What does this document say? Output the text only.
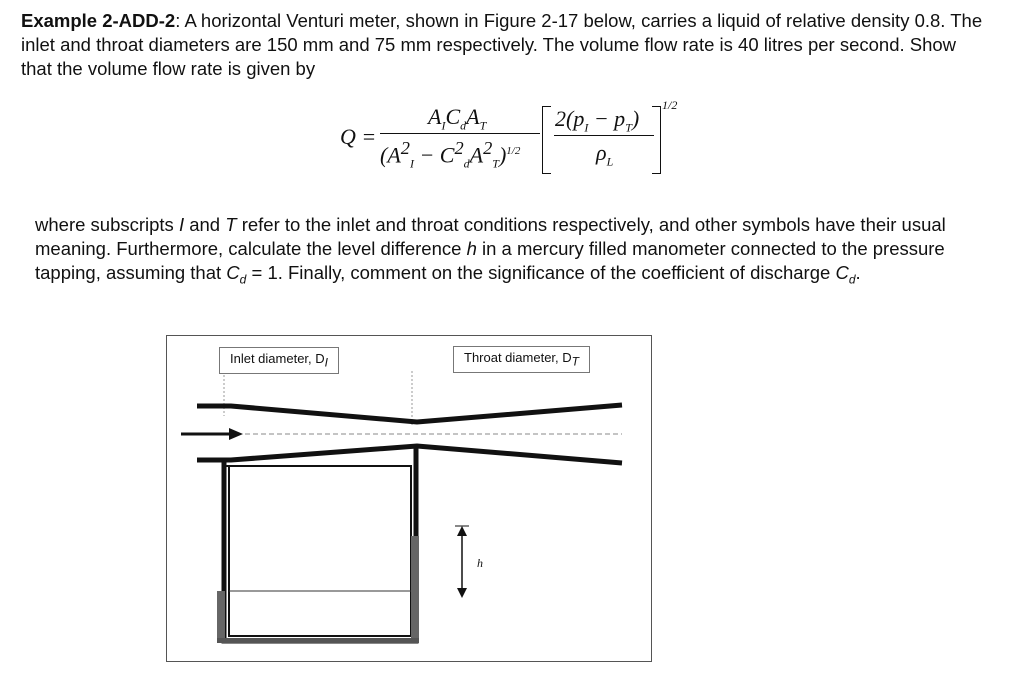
Example 2-ADD-2: A horizontal Venturi meter, shown in Figure 2-17 below, carries a liquid of relative density 0.8. The inlet and throat diameters are 150 mm and 75 mm respectively. The volume flow rate is 40 litres per second. Show that the volume flow rate is given by
Q =
$A_IC_dA_T$
$(A^2_I - C^2_dA^2_T)^{1/2}$
$2(p_I - p_T)$
$\rho_L$
1/2
where subscripts I and T refer to the inlet and throat conditions respectively, and other symbols have their usual meaning. Furthermore, calculate the level difference h in a mercury filled manometer connected to the pressure tapping, assuming that $C_d = 1$. Finally, comment on the significance of the coefficient of discharge $C_d$.
Inlet diameter, $D_I$	Throat diameter, $D_T$
h
